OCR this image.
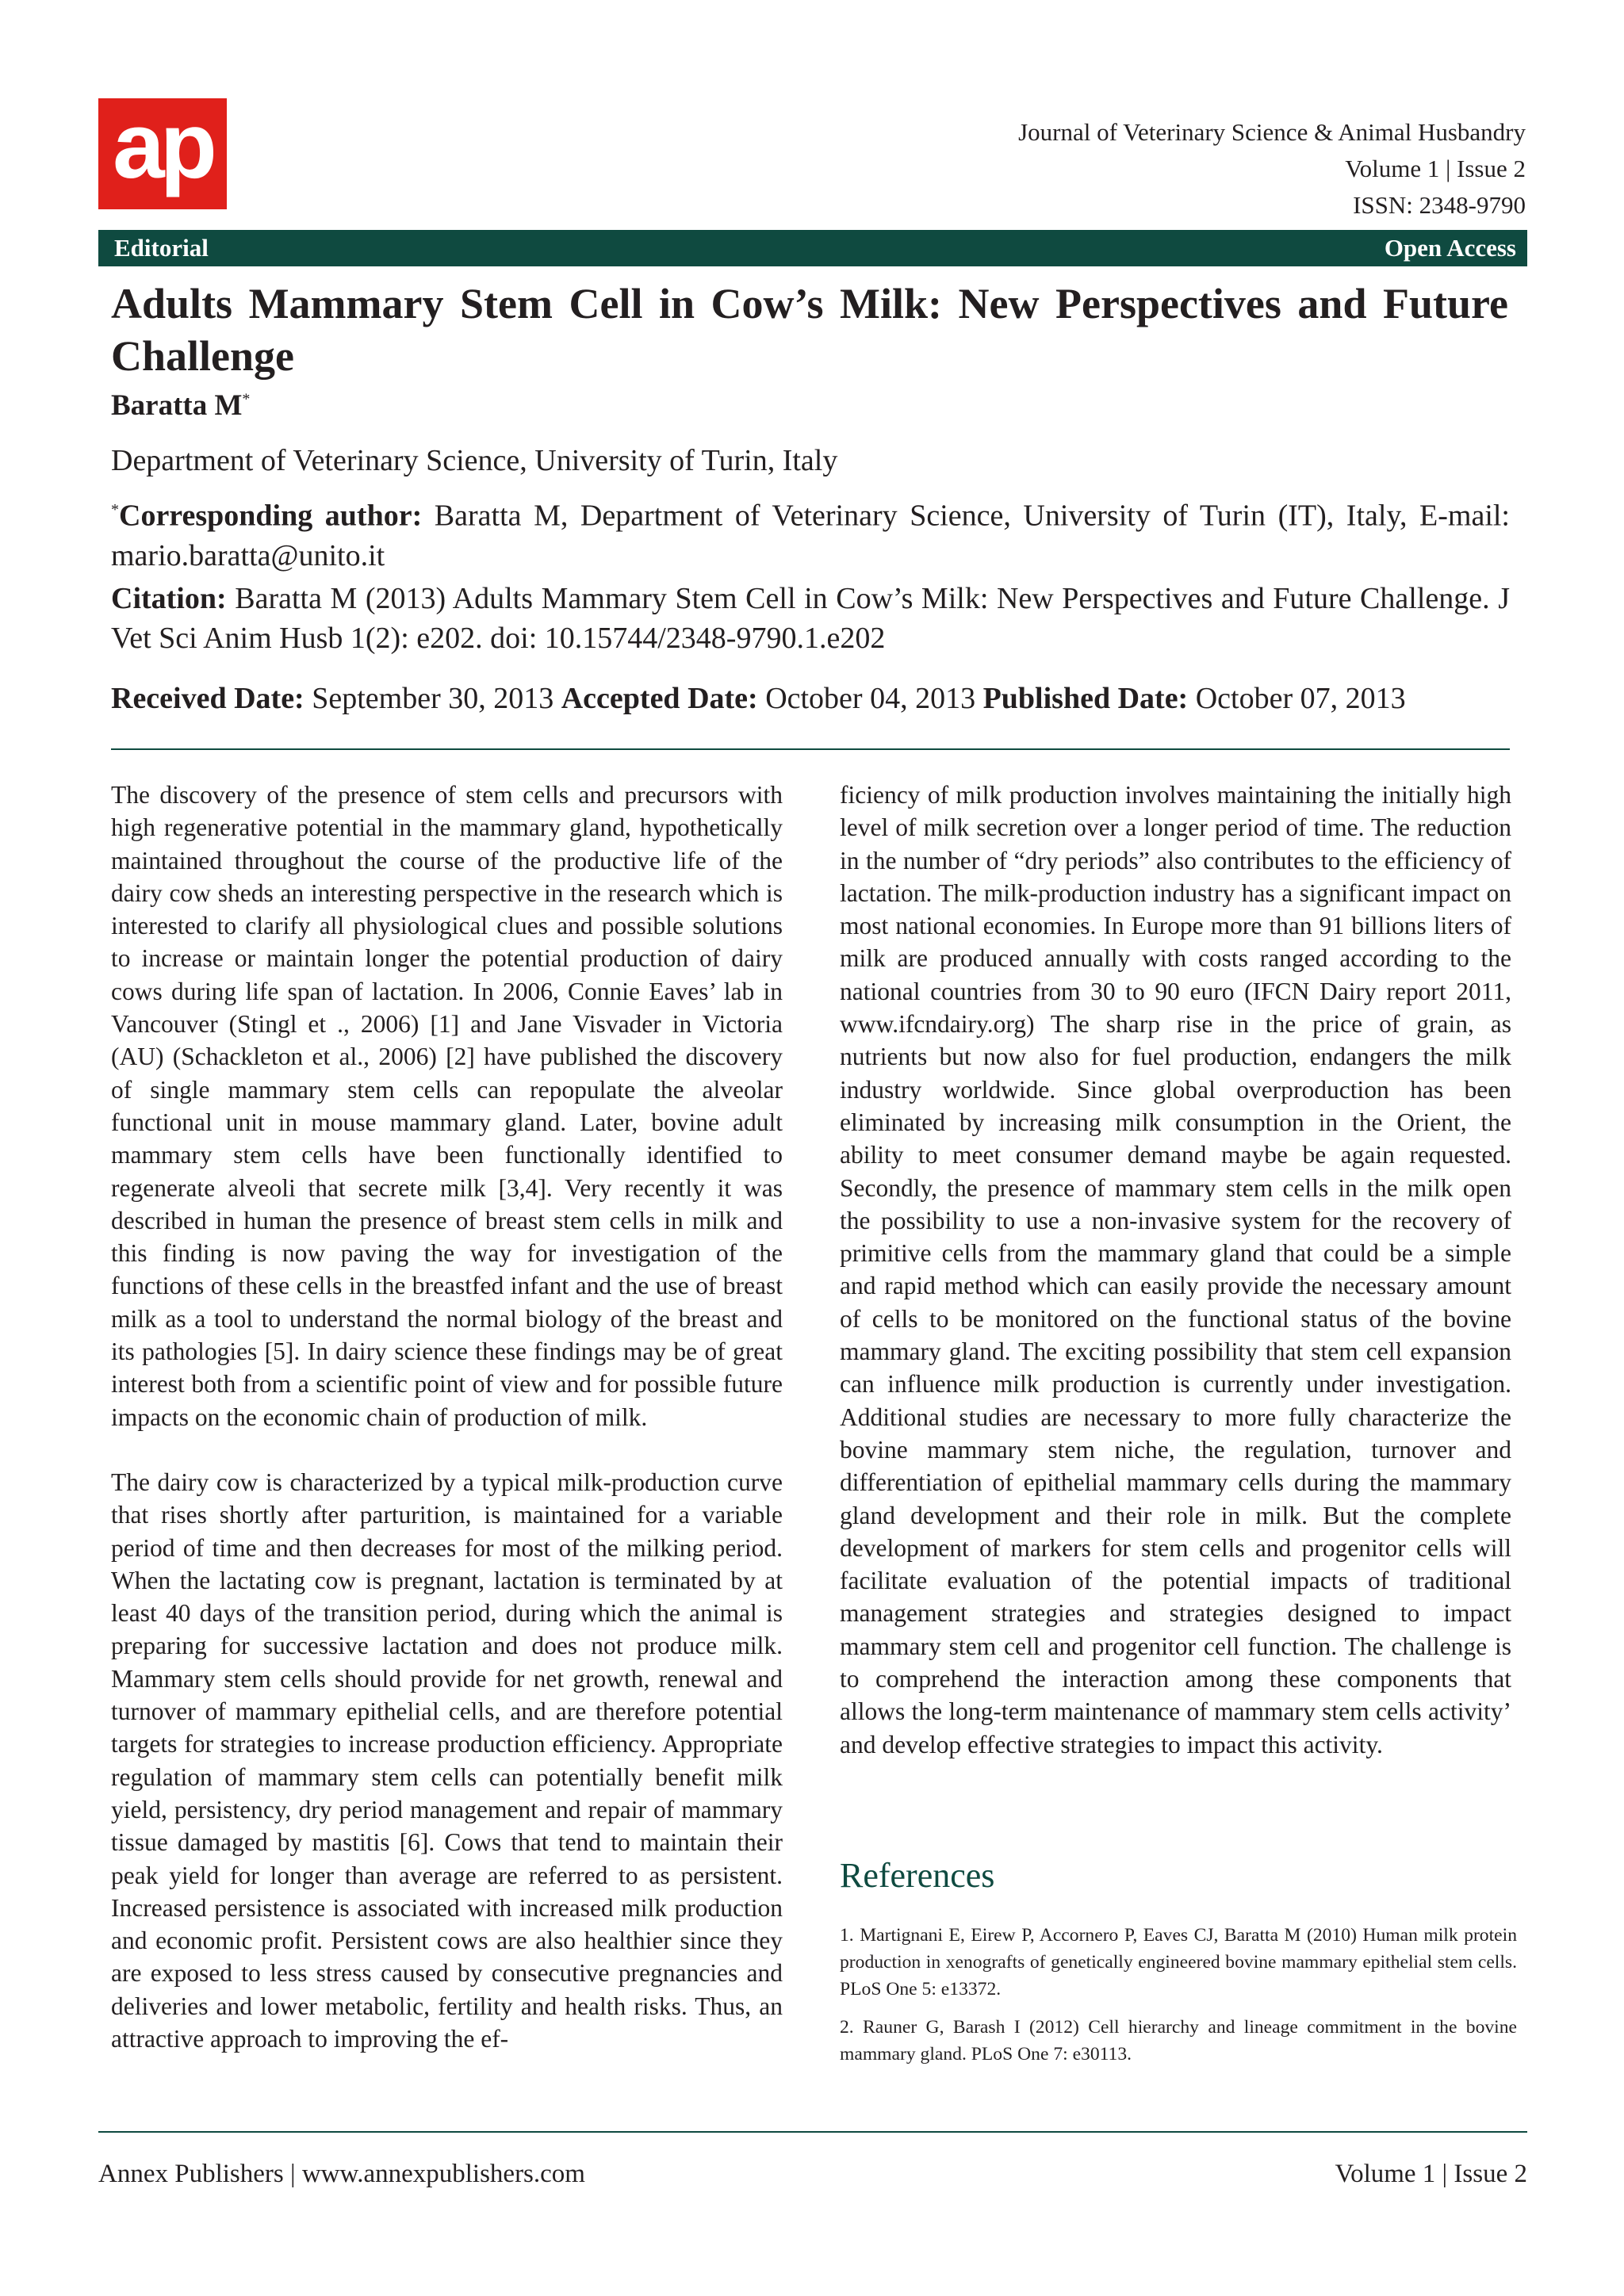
ap	Journal of Veterinary Science & Animal Husbandry
Volume 1 | Issue 2
ISSN: 2348-9790
Editorial	Open Access
Adults Mammary Stem Cell in Cow’s Milk: New Perspectives and Future Challenge
Baratta M*
Department of Veterinary Science, University of Turin, Italy
*Corresponding author: Baratta M, Department of Veterinary Science, University of Turin (IT), Italy, E-mail: mario.baratta@unito.it
Citation: Baratta M (2013) Adults Mammary Stem Cell in Cow’s Milk: New Perspectives and Future Challenge. J Vet Sci Anim Husb 1(2): e202. doi: 10.15744/2348-9790.1.e202
Received Date: September 30, 2013 Accepted Date: October 04, 2013 Published Date: October 07, 2013

The discovery of the presence of stem cells and precursors with high regenerative potential in the mammary gland, hypothetically maintained throughout the course of the productive life of the dairy cow sheds an interesting perspective in the research which is interested to clarify all physiological clues and possible solutions to increase or maintain longer the potential production of dairy cows during life span of lactation. In 2006, Connie Eaves’ lab in Vancouver (Stingl et ., 2006) [1] and Jane Visvader in Victoria (AU) (Schackleton et al., 2006) [2] have published the discovery of single mammary stem cells can repopulate the alveolar functional unit in mouse mammary gland. Later, bovine adult mammary stem cells have been functionally identified to regenerate alveoli that secrete milk [3,4]. Very recently it was described in human the presence of breast stem cells in milk and this finding is now paving the way for investigation of the functions of these cells in the breastfed infant and the use of breast milk as a tool to understand the normal biology of the breast and its pathologies [5]. In dairy science these findings may be of great interest both from a scientific point of view and for possible future impacts on the economic chain of production of milk.

The dairy cow is characterized by a typical milk-production curve that rises shortly after parturition, is maintained for a variable period of time and then decreases for most of the milking period. When the lactating cow is pregnant, lactation is terminated by at least 40 days of the transition period, during which the animal is preparing for successive lactation and does not produce milk. Mammary stem cells should provide for net growth, renewal and turnover of mammary epithelial cells, and are therefore potential targets for strategies to increase production efficiency. Appropriate regulation of mammary stem cells can potentially benefit milk yield, persistency, dry period management and repair of mammary tissue damaged by mastitis [6]. Cows that tend to maintain their peak yield for longer than average are referred to as persistent. Increased persistence is associated with increased milk production and economic profit. Persistent cows are also healthier since they are exposed to less stress caused by consecutive pregnancies and deliveries and lower metabolic, fertility and health risks. Thus, an attractive approach to improving the ef-

ficiency of milk production involves maintaining the initially high level of milk secretion over a longer period of time. The reduction in the number of “dry periods” also contributes to the efficiency of lactation. The milk-production industry has a significant impact on most national economies. In Europe more than 91 billions liters of milk are produced annually with costs ranged according to the national countries from 30 to 90 euro (IFCN Dairy report 2011, www.ifcndairy.org) The sharp rise in the price of grain, as nutrients but now also for fuel production, endangers the milk industry worldwide. Since global overproduction has been eliminated by increasing milk consumption in the Orient, the ability to meet consumer demand maybe be again requested. Secondly, the presence of mammary stem cells in the milk open the possibility to use a non-invasive system for the recovery of primitive cells from the mammary gland that could be a simple and rapid method which can easily provide the necessary amount of cells to be monitored on the functional status of the bovine mammary gland. The exciting possibility that stem cell expansion can influence milk production is currently under investigation. Additional studies are necessary to more fully characterize the bovine mammary stem niche, the regulation, turnover and differentiation of epithelial mammary cells during the mammary gland development and their role in milk. But the complete development of markers for stem cells and progenitor cells will facilitate evaluation of the potential impacts of traditional management strategies and strategies designed to impact mammary stem cell and progenitor cell function. The challenge is to comprehend the interaction among these components that allows the long-term maintenance of mammary stem cells activity’ and develop effective strategies to impact this activity.

References
1. Martignani E, Eirew P, Accornero P, Eaves CJ, Baratta M (2010) Human milk protein production in xenografts of genetically engineered bovine mammary epithelial stem cells. PLoS One 5: e13372.
2. Rauner G, Barash I (2012) Cell hierarchy and lineage commitment in the bovine mammary gland. PLoS One 7: e30113.
Annex Publishers | www.annexpublishers.com	Volume 1 | Issue 2
